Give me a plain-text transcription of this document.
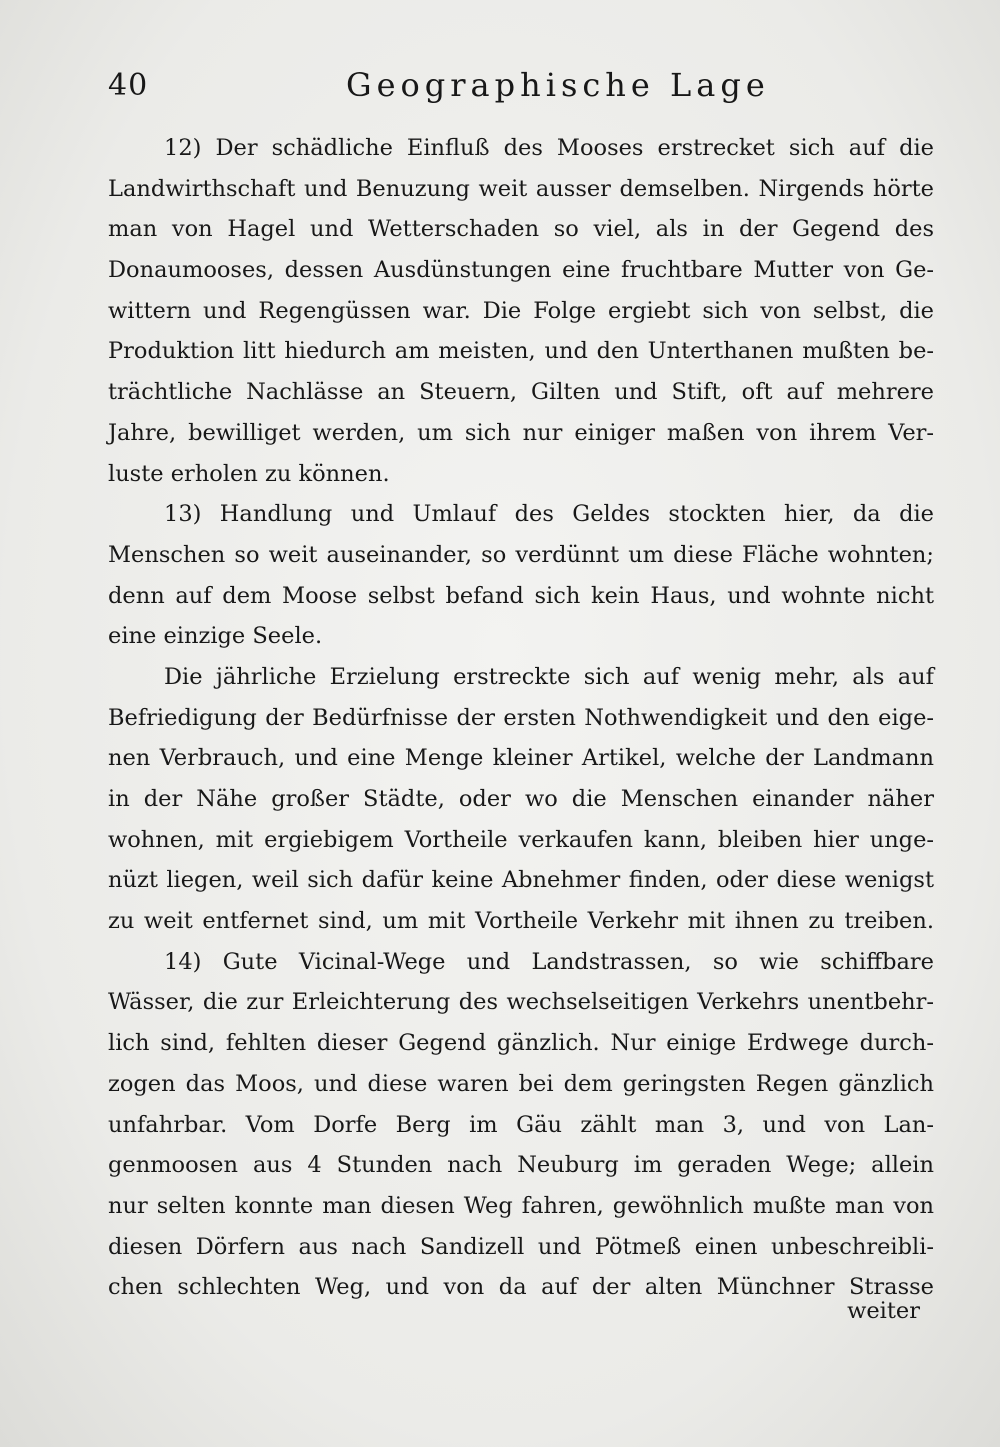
40	Geographische Lage
12) Der schädliche Einfluß des Mooses erstrecket sich auf die
Landwirthschaft und Benuzung weit ausser demselben. Nirgends hörte
man von Hagel und Wetterschaden so viel, als in der Gegend des
Donaumooses, dessen Ausdünstungen eine fruchtbare Mutter von Ge-
wittern und Regengüssen war. Die Folge ergiebt sich von selbst, die
Produktion litt hiedurch am meisten, und den Unterthanen mußten be-
trächtliche Nachlässe an Steuern, Gilten und Stift, oft auf mehrere
Jahre, bewilliget werden, um sich nur einiger maßen von ihrem Ver-
luste erholen zu können.
13) Handlung und Umlauf des Geldes stockten hier, da die
Menschen so weit auseinander, so verdünnt um diese Fläche wohnten;
denn auf dem Moose selbst befand sich kein Haus, und wohnte nicht
eine einzige Seele.
Die jährliche Erzielung erstreckte sich auf wenig mehr, als auf
Befriedigung der Bedürfnisse der ersten Nothwendigkeit und den eige-
nen Verbrauch, und eine Menge kleiner Artikel, welche der Landmann
in der Nähe großer Städte, oder wo die Menschen einander näher
wohnen, mit ergiebigem Vortheile verkaufen kann, bleiben hier unge-
nüzt liegen, weil sich dafür keine Abnehmer finden, oder diese wenigst
zu weit entfernet sind, um mit Vortheile Verkehr mit ihnen zu treiben.
14) Gute Vicinal-Wege und Landstrassen, so wie schiffbare
Wässer, die zur Erleichterung des wechselseitigen Verkehrs unentbehr-
lich sind, fehlten dieser Gegend gänzlich. Nur einige Erdwege durch-
zogen das Moos, und diese waren bei dem geringsten Regen gänzlich
unfahrbar. Vom Dorfe Berg im Gäu zählt man 3, und von Lan-
genmoosen aus 4 Stunden nach Neuburg im geraden Wege; allein
nur selten konnte man diesen Weg fahren, gewöhnlich mußte man von
diesen Dörfern aus nach Sandizell und Pötmeß einen unbeschreibli-
chen schlechten Weg, und von da auf der alten Münchner Strasse
weiter
